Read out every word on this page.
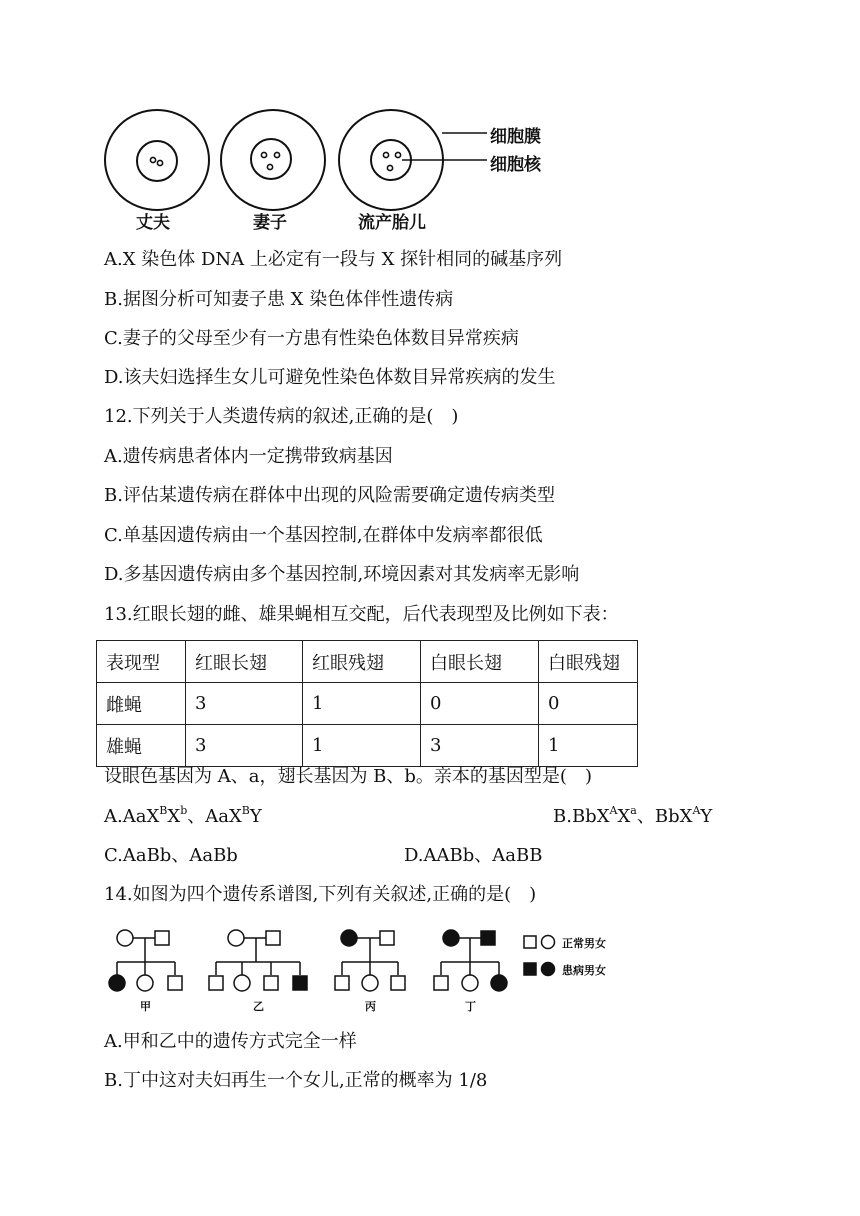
细胞膜
细胞核
丈夫	妻子	流产胎儿
A.X 染色体 DNA 上必定有一段与 X 探针相同的碱基序列
B.据图分析可知妻子患 X 染色体伴性遗传病
C.妻子的父母至少有一方患有性染色体数目异常疾病
D.该夫妇选择生女儿可避免性染色体数目异常疾病的发生
12.下列关于人类遗传病的叙述,正确的是(　)
A.遗传病患者体内一定携带致病基因
B.评估某遗传病在群体中出现的风险需要确定遗传病类型
C.单基因遗传病由一个基因控制,在群体中发病率都很低
D.多基因遗传病由多个基因控制,环境因素对其发病率无影响
13.红眼长翅的雌、雄果蝇相互交配，后代表现型及比例如下表：
表现型	红眼长翅	红眼残翅	白眼长翅	白眼残翅
雌蝇	3	1	0	0
雄蝇	3	1	3	1
设眼色基因为 A、a，翅长基因为 B、b。亲本的基因型是(　)
$A.AaX^BX^b$、AaX$^B$Y	$B.BbX^AX^a$、BbX$^A$Y
C.AaBb、AaBb	D.AABb、AaBB
14.如图为四个遗传系谱图,下列有关叙述,正确的是(　)
正常男女
患病男女
甲	乙	丙	丁
A.甲和乙中的遗传方式完全一样
B.丁中这对夫妇再生一个女儿,正常的概率为 1/8
